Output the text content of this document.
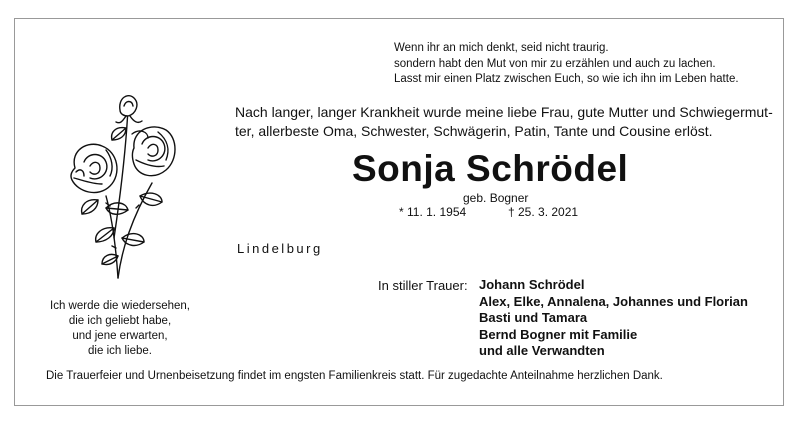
Wenn ihr an mich denkt, seid nicht traurig.
sondern habt den Mut von mir zu erzählen und auch zu lachen.
Lasst mir einen Platz zwischen Euch, so wie ich ihn im Leben hatte.
Nach langer, langer Krankheit wurde meine liebe Frau, gute Mutter und Schwiegermut-
ter, allerbeste Oma, Schwester, Schwägerin, Patin, Tante und Cousine erlöst.
Sonja Schrödel
geb. Bogner
* 11. 1. 1954	† 25. 3. 2021
Lindelburg
In stiller Trauer: Johann Schrödel
Alex, Elke, Annalena, Johannes und Florian
Basti und Tamara
Bernd Bogner mit Familie
und alle Verwandten
Ich werde die wiedersehen,
die ich geliebt habe,
und jene erwarten,
die ich liebe.
Die Trauerfeier und Urnenbeisetzung findet im engsten Familienkreis statt. Für zugedachte Anteilnahme herzlichen Dank.
